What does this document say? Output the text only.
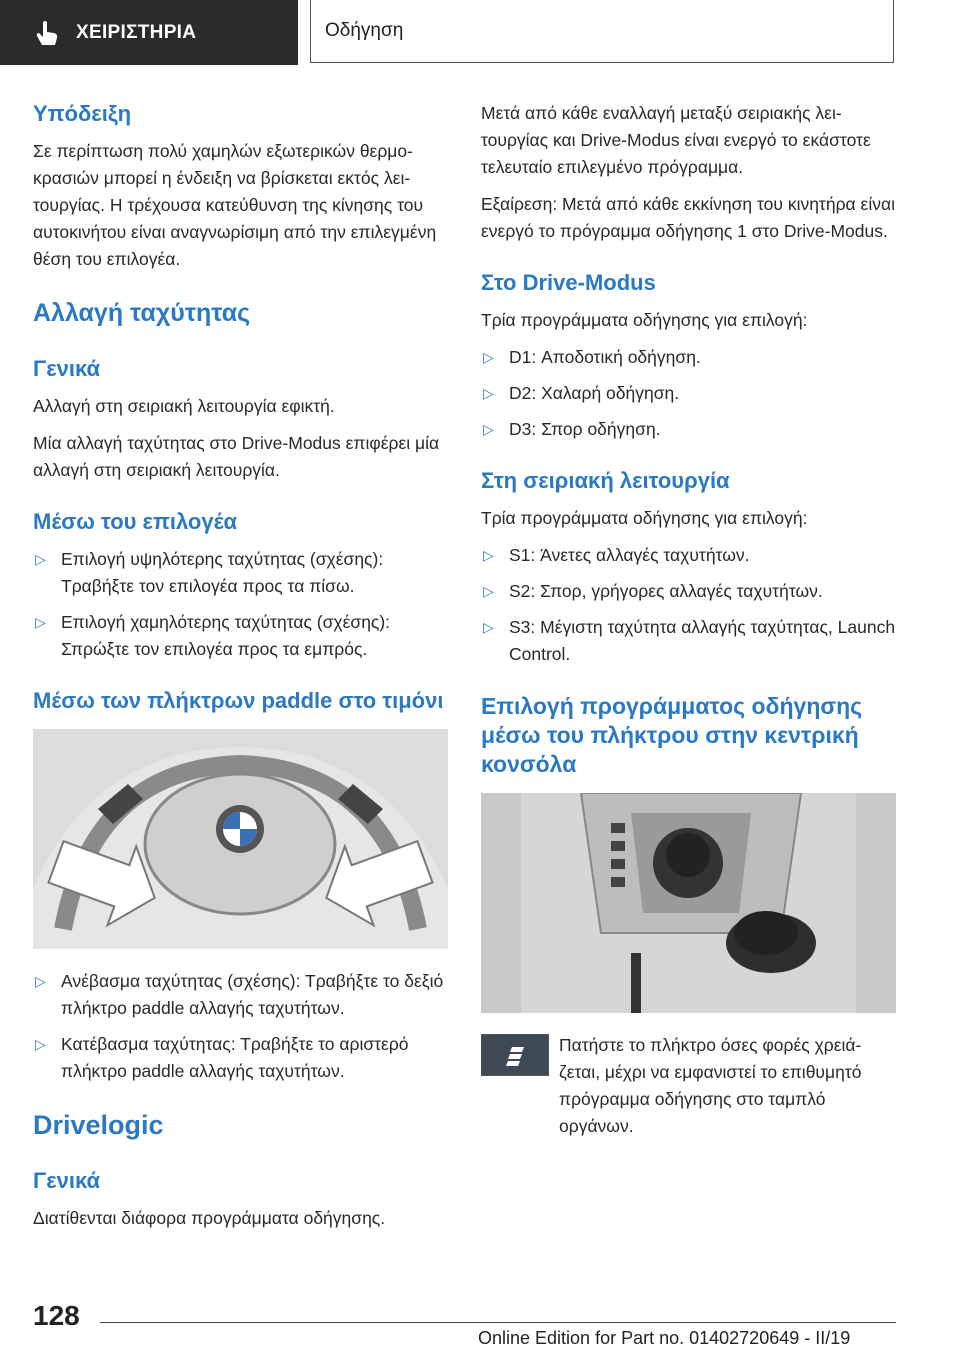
ΧΕΙΡΙΣΤΗΡΙΑ	Οδήγηση
Υπόδειξη

Σε περίπτωση πολύ χαμηλών εξωτερικών θερμοκρασιών μπορεί η ένδειξη να βρίσκεται εκτός λειτουργίας. Η τρέχουσα κατεύθυνση της κίνησης του αυτοκινήτου είναι αναγνωρίσιμη από την επιλεγμένη θέση του επιλογέα.

Αλλαγή ταχύτητας
Γενικά

Αλλαγή στη σειριακή λειτουργία εφικτή.

Μία αλλαγή ταχύτητας στο Drive-Modus επιφέρει μία αλλαγή στη σειριακή λειτουργία.

Μέσω του επιλογέα
▷ Επιλογή υψηλότερης ταχύτητας (σχέσης): Τραβήξτε τον επιλογέα προς τα πίσω.
▷ Επιλογή χαμηλότερης ταχύτητας (σχέσης): Σπρώξτε τον επιλογέα προς τα εμπρός.
Μέσω των πλήκτρων paddle στο τιμόνι
▷ Ανέβασμα ταχύτητας (σχέσης): Τραβήξτε το δεξιό πλήκτρο paddle αλλαγής ταχυτήτων.
▷ Κατέβασμα ταχύτητας: Τραβήξτε το αριστερό πλήκτρο paddle αλλαγής ταχυτήτων.
Drivelogic
Γενικά

Διατίθενται διάφορα προγράμματα οδήγησης.

Μετά από κάθε εναλλαγή μεταξύ σειριακής λειτουργίας και Drive-Modus είναι ενεργό το εκάστοτε τελευταίο επιλεγμένο πρόγραμμα.

Εξαίρεση: Μετά από κάθε εκκίνηση του κινητήρα είναι ενεργό το πρόγραμμα οδήγησης 1 στο Drive-Modus.

Στο Drive-Modus

Τρία προγράμματα οδήγησης για επιλογή:

▷ D1: Αποδοτική οδήγηση.
▷ D2: Χαλαρή οδήγηση.
▷ D3: Σπορ οδήγηση.
Στη σειριακή λειτουργία

Τρία προγράμματα οδήγησης για επιλογή:

▷ S1: Άνετες αλλαγές ταχυτήτων.
▷ S2: Σπορ, γρήγορες αλλαγές ταχυτήτων.
▷ S3: Μέγιστη ταχύτητα αλλαγής ταχύτητας, Launch Control.
Επιλογή προγράμματος οδήγησης μέσω του πλήκτρου στην κεντρική κονσόλα

Πατήστε το πλήκτρο όσες φορές χρειάζεται, μέχρι να εμφανιστεί το επιθυμητό πρόγραμμα οδήγησης στο ταμπλό οργάνων.

128
Online Edition for Part no. 01402720649 - II/19
